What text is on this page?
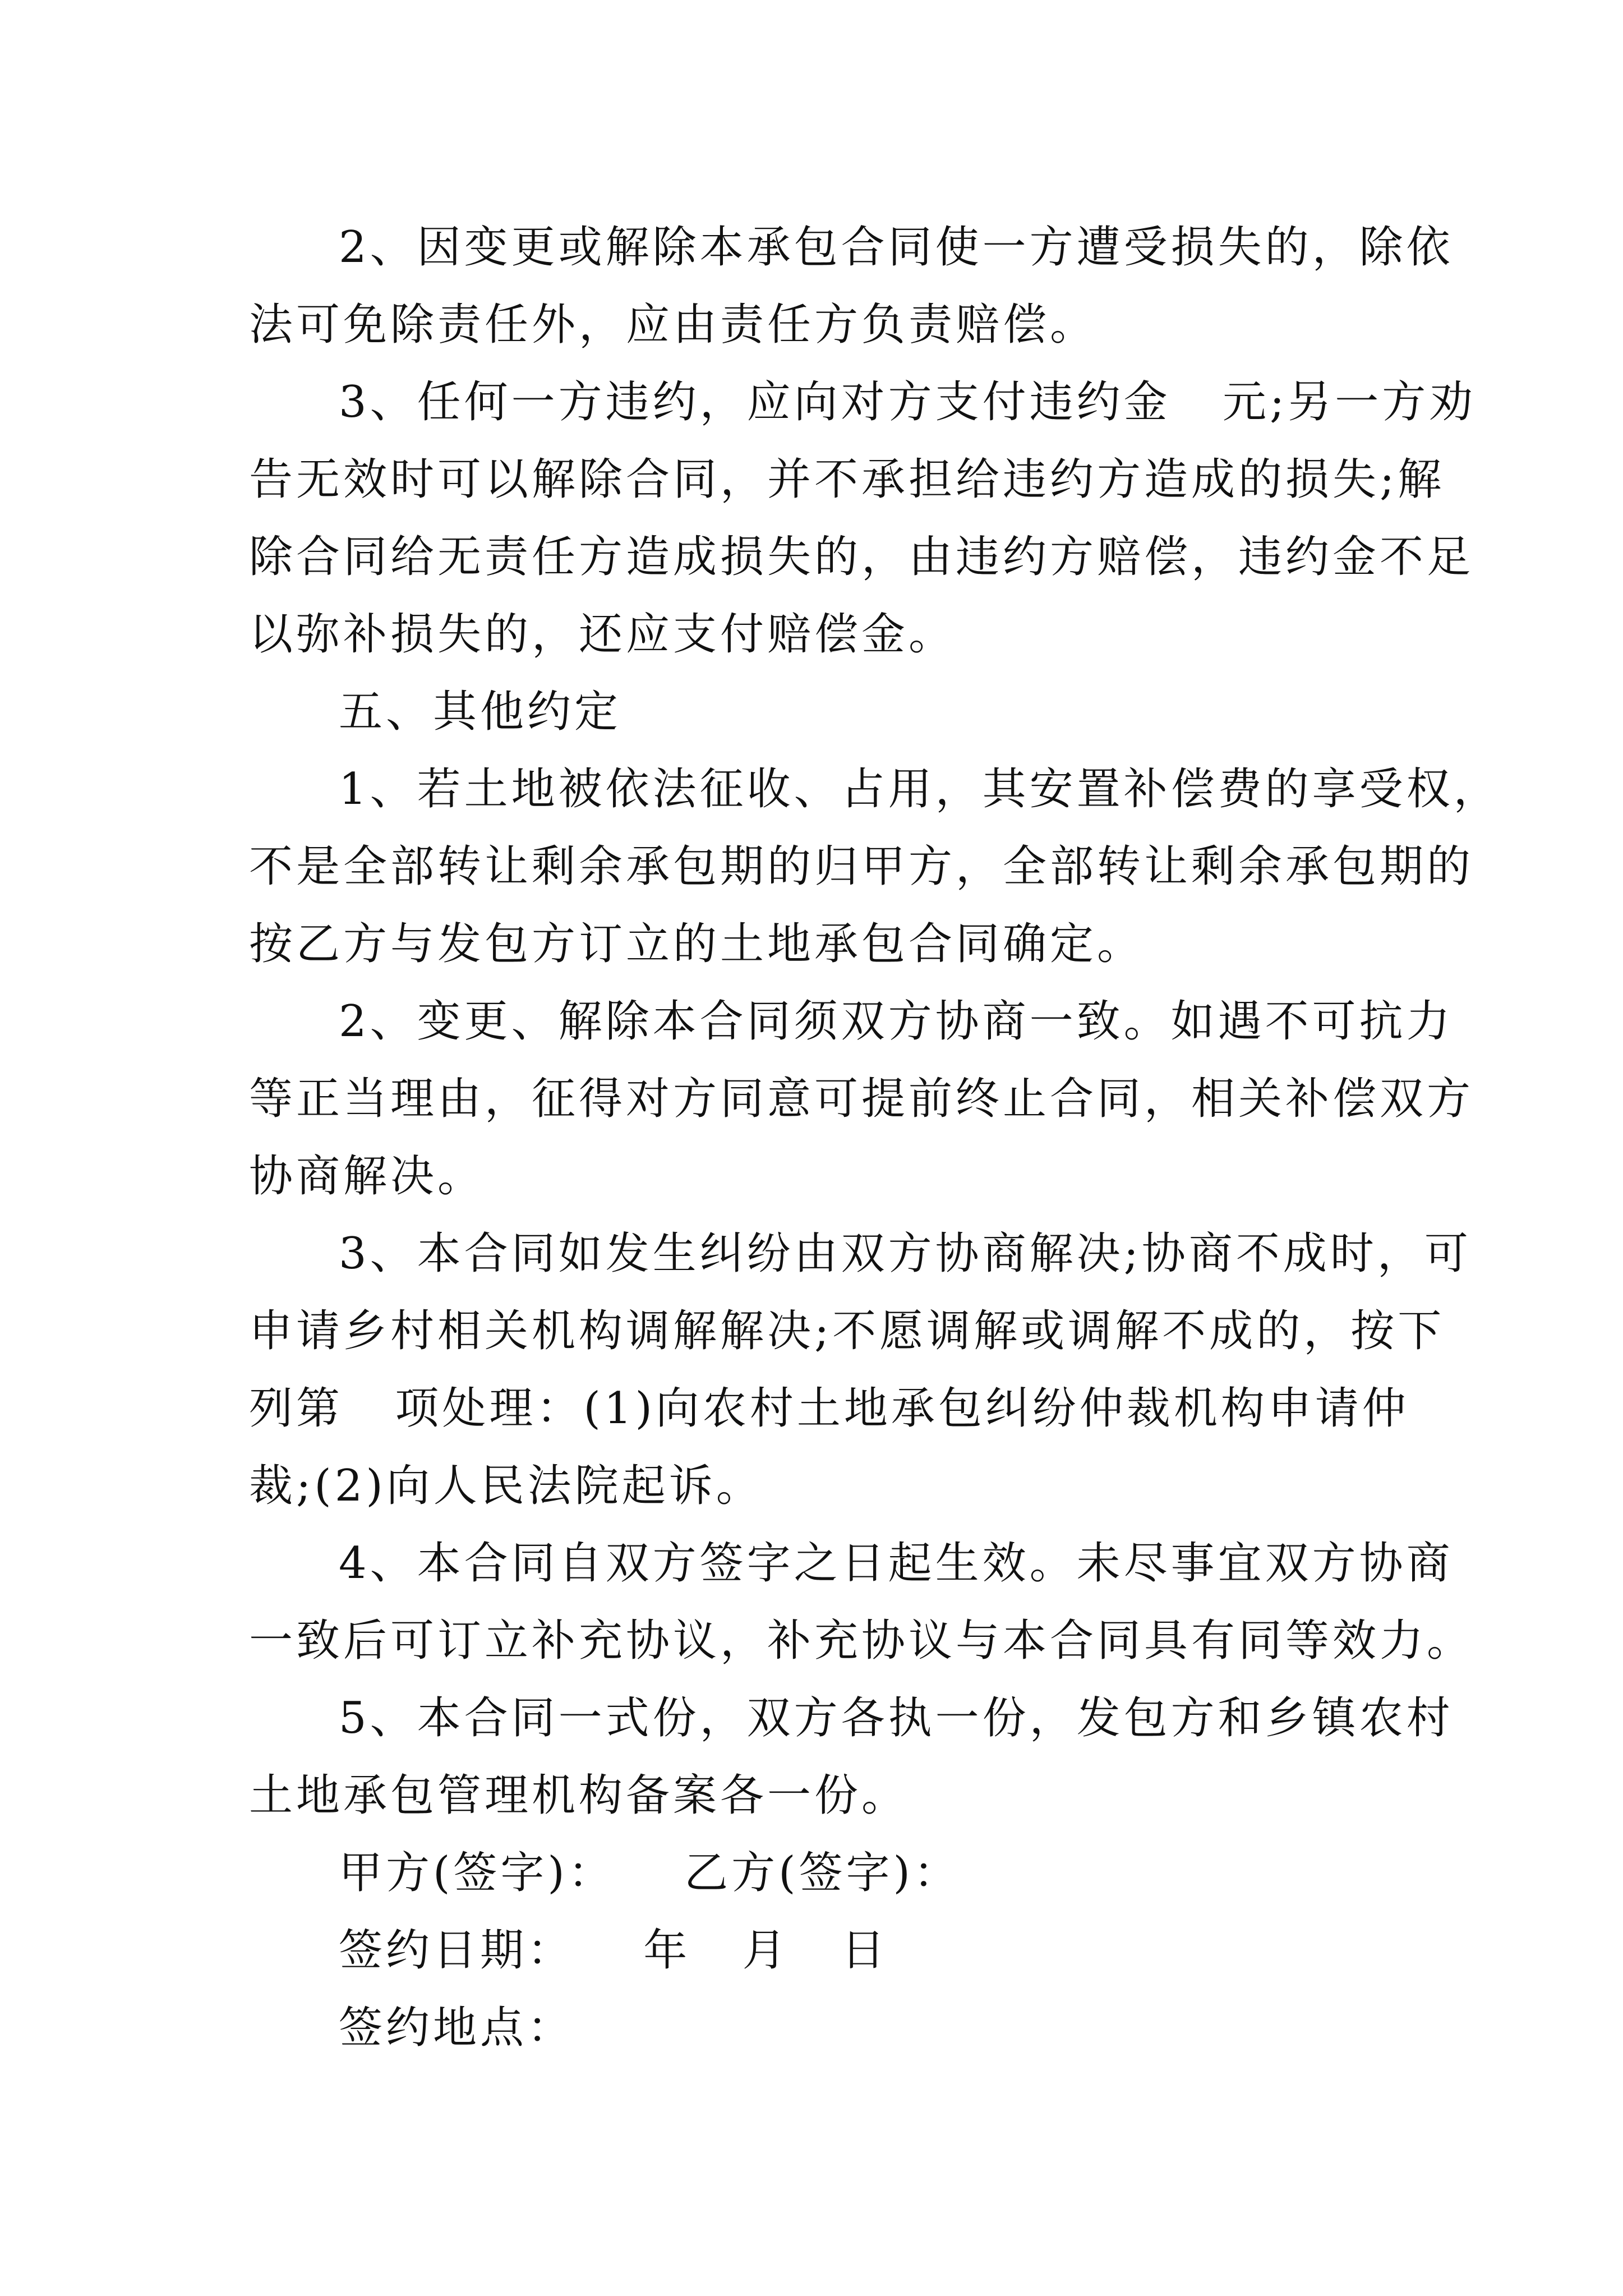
2、因变更或解除本承包合同使一方遭受损失的，除依
法可免除责任外，应由责任方负责赔偿。
3、任何一方违约，应向对方支付违约金   元;另一方劝
告无效时可以解除合同，并不承担给违约方造成的损失;解
除合同给无责任方造成损失的，由违约方赔偿，违约金不足
以弥补损失的，还应支付赔偿金。
五、其他约定
1、若土地被依法征收、占用，其安置补偿费的享受权，
不是全部转让剩余承包期的归甲方，全部转让剩余承包期的
按乙方与发包方订立的土地承包合同确定。
2、变更、解除本合同须双方协商一致。如遇不可抗力
等正当理由，征得对方同意可提前终止合同，相关补偿双方
协商解决。
3、本合同如发生纠纷由双方协商解决;协商不成时，可
申请乡村相关机构调解解决;不愿调解或调解不成的，按下
列第   项处理：(1)向农村土地承包纠纷仲裁机构申请仲
裁;(2)向人民法院起诉。
4、本合同自双方签字之日起生效。未尽事宜双方协商
一致后可订立补充协议，补充协议与本合同具有同等效力。
5、本合同一式份，双方各执一份，发包方和乡镇农村
土地承包管理机构备案各一份。
甲方(签字)： 乙方(签字)：
签约日期： 年   月   日
签约地点：
